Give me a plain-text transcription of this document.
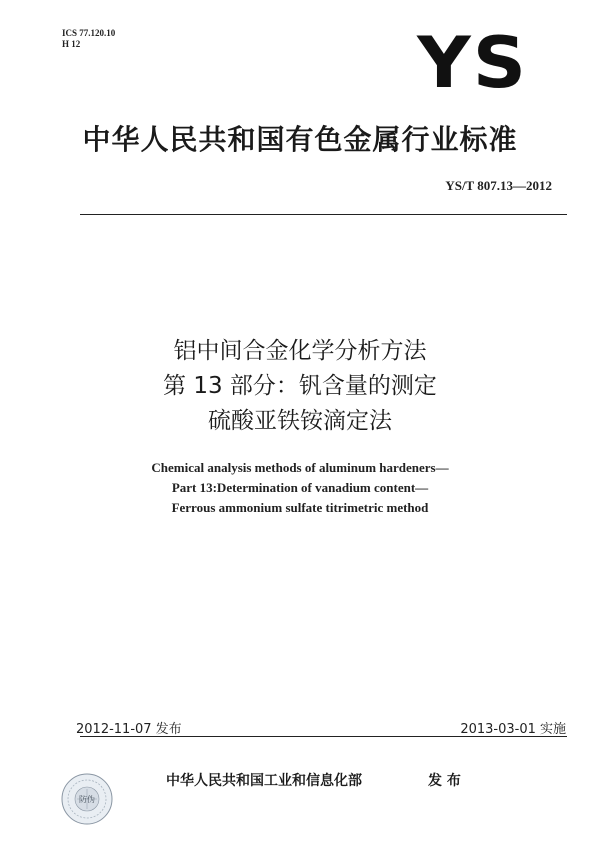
ICS 77.120.10
H 12	YS
中华人民共和国有色金属行业标准
YS/T 807.13—2012
铝中间合金化学分析方法
第 13 部分：钒含量的测定
硫酸亚铁铵滴定法
Chemical analysis methods of aluminum hardeners—
Part 13:Determination of vanadium content—
Ferrous ammonium sulfate titrimetric method
2012-11-07 发布	2013-03-01 实施
防伪
中华人民共和国工业和信息化部	发 布
